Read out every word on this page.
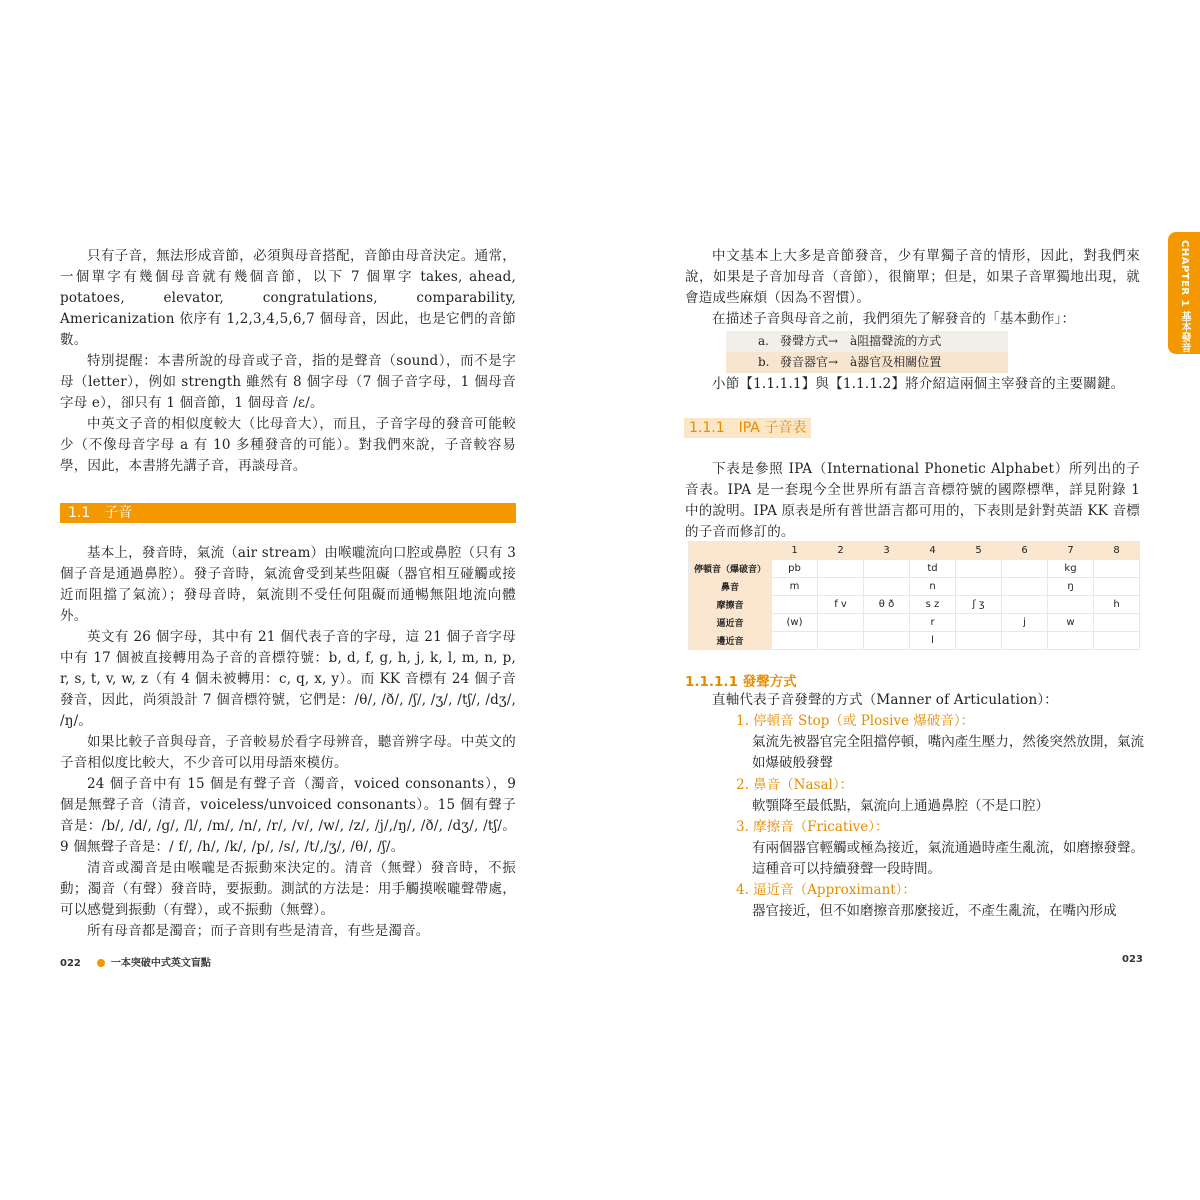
只有子音，無法形成音節，必須與母音搭配，音節由母音決定。通常，一個單字有幾個母音就有幾個音節，以下 7 個單字 takes, ahead, potatoes, elevator, congratulations, comparability, Americanization 依序有 1,2,3,4,5,6,7 個母音，因此，也是它們的音節數。

特別提醒：本書所說的母音或子音，指的是聲音（sound），而不是字母（letter），例如 strength 雖然有 8 個字母（7 個子音字母，1 個母音字母 e），卻只有 1 個音節，1 個母音 /ɛ/。

中英文子音的相似度較大（比母音大），而且，子音字母的發音可能較少（不像母音字母 a 有 10 多種發音的可能）。對我們來說，子音較容易學，因此，本書將先講子音，再談母音。

1.1　子音

基本上，發音時，氣流（air stream）由喉嚨流向口腔或鼻腔（只有 3 個子音是通過鼻腔）。發子音時，氣流會受到某些阻礙（器官相互碰觸或接近而阻擋了氣流）；發母音時，氣流則不受任何阻礙而通暢無阻地流向體外。

英文有 26 個字母，其中有 21 個代表子音的字母，這 21 個子音字母中有 17 個被直接轉用為子音的音標符號：b, d, f, g, h, j, k, l, m, n, p, r, s, t, v, w, z（有 4 個未被轉用：c, q, x, y）。而 KK 音標有 24 個子音發音，因此，尚須設計 7 個音標符號，它們是：/θ/, /ð/, /ʃ/, /ʒ/, /tʃ/, /dʒ/, /ŋ/。

如果比較子音與母音，子音較易於看字母辨音，聽音辨字母。中英文的子音相似度比較大，不少音可以用母語來模仿。

24 個子音中有 15 個是有聲子音（濁音，voiced consonants），9 個是無聲子音（清音，voiceless/unvoiced consonants）。15 個有聲子音是：/b/, /d/, /g/, /l/, /m/, /n/, /r/, /v/, /w/, /z/, /j/,/ŋ/, /ð/, /dʒ/, /tʃ/。9 個無聲子音是：/ f/, /h/, /k/, /p/, /s/, /t/,/ʒ/, /θ/, /ʃ/。

清音或濁音是由喉嚨是否振動來決定的。清音（無聲）發音時，不振動；濁音（有聲）發音時，要振動。測試的方法是：用手觸摸喉嚨聲帶處，可以感覺到振動（有聲），或不振動（無聲）。

所有母音都是濁音；而子音則有些是清音，有些是濁音。

022	一本突破中式英文盲點
CHAPTER 1 基本發音

中文基本上大多是音節發音，少有單獨子音的情形，因此，對我們來說，如果是子音加母音（音節），很簡單；但是，如果子音單獨地出現，就會造成些麻煩（因為不習慣）。

在描述子音與母音之前，我們須先了解發音的「基本動作」：

a. 發聲方式→　à阻擋聲流的方式
b. 發音器官→　à器官及相關位置

小節【1.1.1.1】與【1.1.1.2】將介紹這兩個主宰發音的主要關鍵。

1.1.1　IPA 子音表

下表是參照 IPA（International Phonetic Alphabet）所列出的子音表。IPA 是一套現今全世界所有語言音標符號的國際標準，詳見附錄 1 中的說明。IPA 原表是所有普世語言都可用的，下表則是針對英語 KK 音標的子音而修訂的。

	1	2	3	4	5	6	7	8
停頓音（爆破音）	pb			td			kg	
鼻音	m			n			ŋ	
摩擦音		f v	θ ð	s z	ʃ ʒ			h
逼近音	(w)			r		j	w	
邊近音				l				
1.1.1.1 發聲方式

直軸代表子音發聲的方式（Manner of Articulation）：

1. 停頓音 Stop（或 Plosive 爆破音）：
氣流先被器官完全阻擋停頓，嘴內產生壓力，然後突然放開，氣流如爆破般發聲
2. 鼻音（Nasal）：
軟顎降至最低點，氣流向上通過鼻腔（不是口腔）
3. 摩擦音（Fricative）：
有兩個器官輕觸或極為接近，氣流通過時產生亂流，如磨擦發聲。這種音可以持續發聲一段時間。
4. 逼近音（Approximant）：
器官接近，但不如磨擦音那麼接近，不產生亂流，在嘴內形成
023
